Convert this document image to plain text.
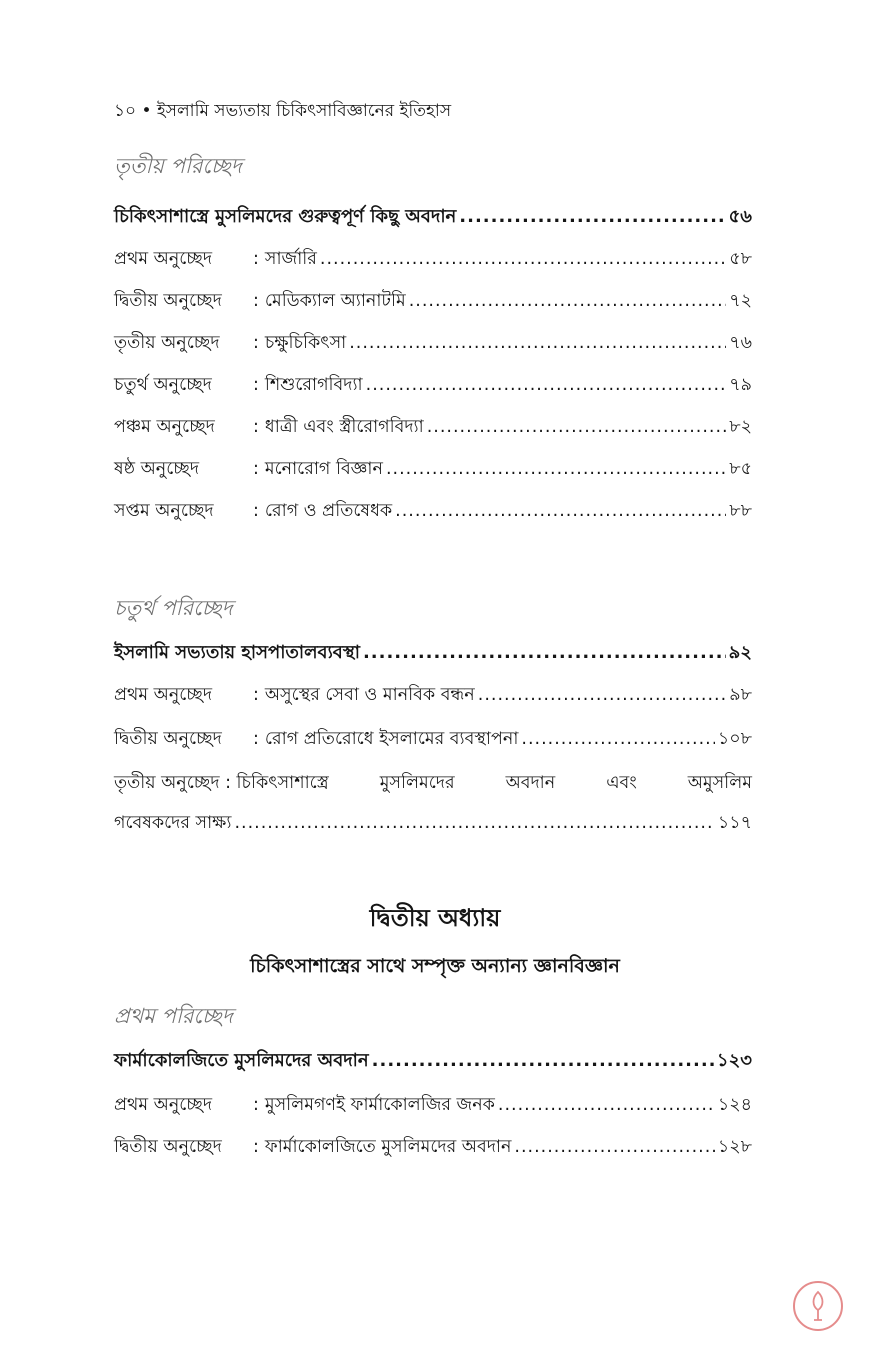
১০ • ইসলামি সভ্যতায় চিকিৎসাবিজ্ঞানের ইতিহাস
তৃতীয় পরিচ্ছেদ
চিকিৎসাশাস্ত্রে মুসলিমদের গুরুত্বপূর্ণ কিছু অবদান .....	৫৬
প্রথম অনুচ্ছেদ	: সার্জারি .....	৫৮
দ্বিতীয় অনুচ্ছেদ	: মেডিক্যাল অ্যানাটমি .....	৭২
তৃতীয় অনুচ্ছেদ	: চক্ষুচিকিৎসা .....	৭৬
চতুর্থ অনুচ্ছেদ	: শিশুরোগবিদ্যা .....	৭৯
পঞ্চম অনুচ্ছেদ	: ধাত্রী এবং স্ত্রীরোগবিদ্যা .....	৮২
ষষ্ঠ অনুচ্ছেদ	: মনোরোগ বিজ্ঞান .....	৮৫
সপ্তম অনুচ্ছেদ	: রোগ ও প্রতিষেধক .....	৮৮
চতুর্থ পরিচ্ছেদ
ইসলামি সভ্যতায় হাসপাতালব্যবস্থা .....	৯২
প্রথম অনুচ্ছেদ	: অসুস্থের সেবা ও মানবিক বন্ধন .....	৯৮
দ্বিতীয় অনুচ্ছেদ	: রোগ প্রতিরোধে ইসলামের ব্যবস্থাপনা .....	১০৮
তৃতীয় অনুচ্ছেদ : চিকিৎসাশাস্ত্রে	মুসলিমদের	অবদান	এবং	অমুসলিম
গবেষকদের সাক্ষ্য .....	১১৭
দ্বিতীয় অধ্যায়
চিকিৎসাশাস্ত্রের সাথে সম্পৃক্ত অন্যান্য জ্ঞানবিজ্ঞান
প্রথম পরিচ্ছেদ
ফার্মাকোলজিতে মুসলিমদের অবদান .....	১২৩
প্রথম অনুচ্ছেদ	: মুসলিমগণই ফার্মাকোলজির জনক .....	১২৪
দ্বিতীয় অনুচ্ছেদ	: ফার্মাকোলজিতে মুসলিমদের অবদান .....	১২৮
